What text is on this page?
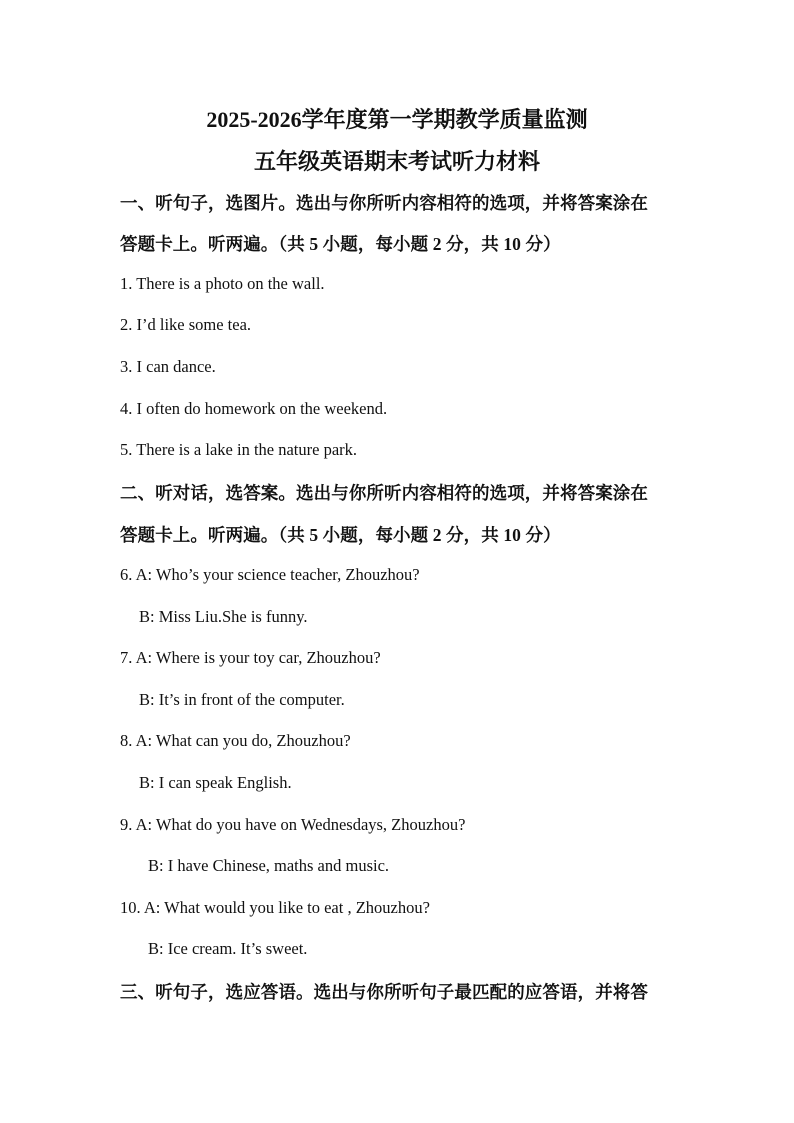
2025-2026学年度第一学期教学质量监测
五年级英语期末考试听力材料
一、听句子，选图片。选出与你所听内容相符的选项，并将答案涂在
答题卡上。听两遍。（共 5 小题，每小题 2 分，共 10 分）
1. There is a photo on the wall.
2. I’d like some tea.
3. I can dance.
4. I often do homework on the weekend.
5. There is a lake in the nature park.
二、听对话，选答案。选出与你所听内容相符的选项，并将答案涂在
答题卡上。听两遍。（共 5 小题，每小题 2 分，共 10 分）
6. A: Who’s your science teacher, Zhouzhou?
B: Miss Liu.She is funny.
7. A: Where is your toy car, Zhouzhou?
B: It’s in front of the computer.
8. A: What can you do, Zhouzhou?
B: I can speak English.
9. A: What do you have on Wednesdays, Zhouzhou?
B: I have Chinese, maths and music.
10. A: What would you like to eat , Zhouzhou?
B: Ice cream. It’s sweet.
三、听句子，选应答语。选出与你所听句子最匹配的应答语，并将答
